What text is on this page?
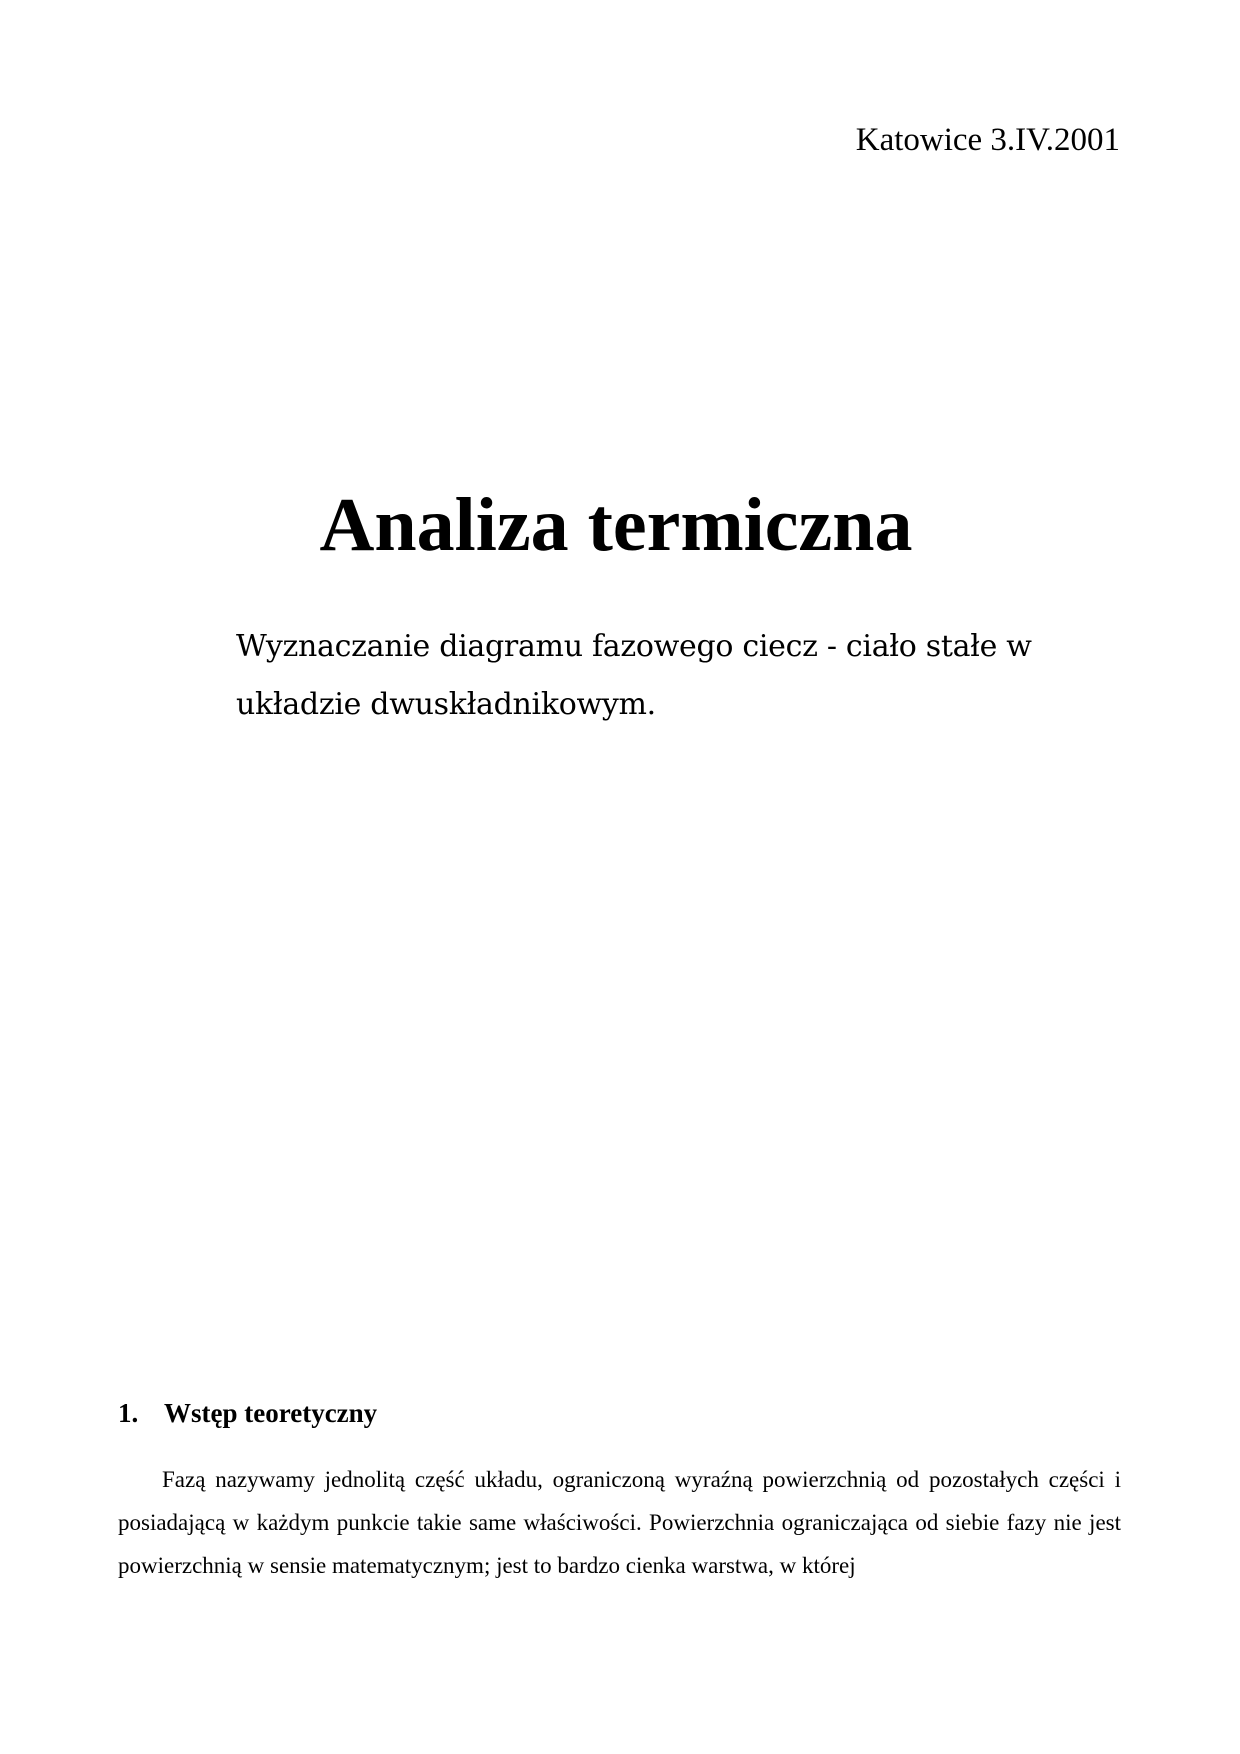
Katowice 3.IV.2001
Analiza termiczna
Wyznaczanie diagramu fazowego ciecz - ciało stałe w układzie dwuskładnikowym.
1. Wstęp teoretyczny
Fazą nazywamy jednolitą część układu, ograniczoną wyraźną powierzchnią od pozostałych części i posiadającą w każdym punkcie takie same właściwości. Powierzchnia ograniczająca od siebie fazy nie jest powierzchnią w sensie matematycznym; jest to bardzo cienka warstwa, w której
